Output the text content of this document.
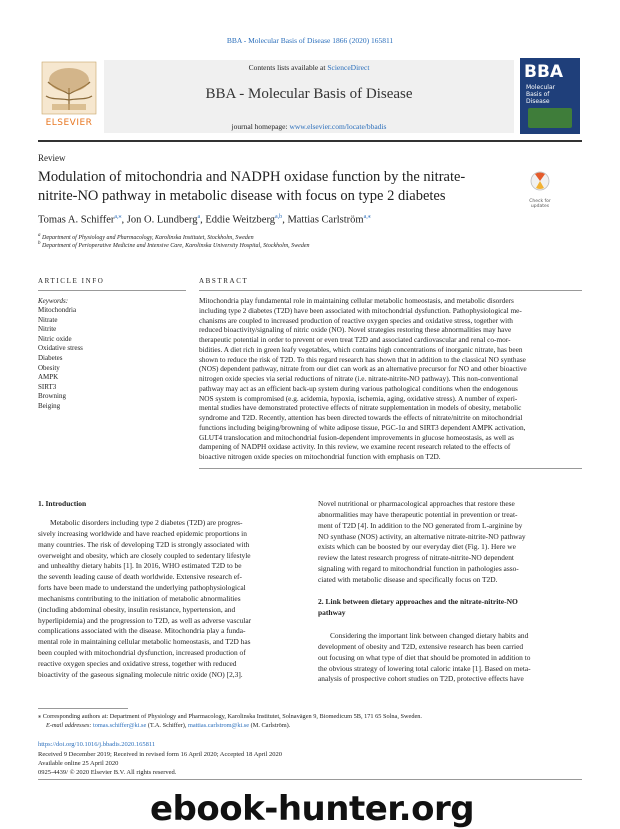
BBA - Molecular Basis of Disease 1866 (2020) 165811
ELSEVIER
Contents lists available at ScienceDirect
BBA - Molecular Basis of Disease
journal homepage: www.elsevier.com/locate/bbadis
BBA
Molecular
Basis of
Disease
Review
Modulation of mitochondria and NADPH oxidase function by the nitrate-
nitrite-NO pathway in metabolic disease with focus on type 2 diabetes	Check for
updates
Tomas A. Schiffer$^{a,⁎}$, Jon O. Lundberg$^a$, Eddie Weitzberg$^{a,b}$, Mattias Carlström$^{a,⁎}$
$^a$ Department of Physiology and Pharmacology, Karolinska Institutet, Stockholm, Sweden
$^b$ Department of Perioperative Medicine and Intensive Care, Karolinska University Hospital, Stockholm, Sweden
ARTICLE INFO	ABSTRACT
Keywords:
Mitochondria
Nitrate
Nitrite
Nitric oxide
Oxidative stress
Diabetes
Obesity
AMPK
SIRT3
Browning
Beiging
Mitochondria play fundamental role in maintaining cellular metabolic homeostasis, and metabolic disorders
including type 2 diabetes (T2D) have been associated with mitochondrial dysfunction. Pathophysiological me-
chanisms are coupled to increased production of reactive oxygen species and oxidative stress, together with
reduced bioactivity/signaling of nitric oxide (NO). Novel strategies restoring these abnormalities may have
therapeutic potential in order to prevent or even treat T2D and associated cardiovascular and renal co-mor-
bidities. A diet rich in green leafy vegetables, which contains high concentrations of inorganic nitrate, has been
shown to reduce the risk of T2D. To this regard research has shown that in addition to the classical NO synthase
(NOS) dependent pathway, nitrate from our diet can work as an alternative precursor for NO and other bioactive
nitrogen oxide species via serial reductions of nitrate (i.e. nitrate-nitrite-NO pathway). This non-conventional
pathway may act as an efficient back-up system during various pathological conditions when the endogenous
NOS system is compromised (e.g. acidemia, hypoxia, ischemia, aging, oxidative stress). A number of experi-
mental studies have demonstrated protective effects of nitrate supplementation in models of obesity, metabolic
syndrome and T2D. Recently, attention has been directed towards the effects of nitrate/nitrite on mitochondrial
functions including beiging/browning of white adipose tissue, PGC-1α and SIRT3 dependent AMPK activation,
GLUT4 translocation and mitochondrial fusion-dependent improvements in glucose homeostasis, as well as
dampening of NADPH oxidase activity. In this review, we examine recent research related to the effects of
bioactive nitrogen oxide species on mitochondrial function with emphasis on T2D.
1. Introduction
Metabolic disorders including type 2 diabetes (T2D) are progres-
sively increasing worldwide and have reached epidemic proportions in
many countries. The risk of developing T2D is strongly associated with
overweight and obesity, which are closely coupled to sedentary lifestyle
and unhealthy dietary habits [1]. In 2016, WHO estimated T2D to be
the seventh leading cause of death worldwide. Extensive research ef-
forts have been made to understand the underlying pathophysiological
mechanisms contributing to the initiation of metabolic abnormalities
(including abdominal obesity, insulin resistance, hypertension, and
hyperlipidemia) and the progression to T2D, as well as adverse vascular
complications associated with the disease. Mitochondria play a funda-
mental role in maintaining cellular metabolic homeostasis, and T2D has
been coupled with mitochondrial dysfunction, increased production of
reactive oxygen species and oxidative stress, together with reduced
bioactivity of the gaseous signaling molecule nitric oxide (NO) [2,3].
Novel nutritional or pharmacological approaches that restore these
abnormalities may have therapeutic potential in prevention or treat-
ment of T2D [4]. In addition to the NO generated from L-arginine by
NO synthase (NOS) activity, an alternative nitrate-nitrite-NO pathway
exists which can be boosted by our everyday diet (Fig. 1). Here we
review the latest research progress of nitrate-nitrite-NO dependent
signaling with regard to mitochondrial function in pathologies asso-
ciated with metabolic disease and specifically focus on T2D.
2. Link between dietary approaches and the nitrate-nitrite-NO
pathway
Considering the important link between changed dietary habits and
development of obesity and T2D, extensive research has been carried
out focusing on what type of diet that should be promoted in addition to
the obvious strategy of lowering total caloric intake [1]. Based on meta-
analysis of prospective cohort studies on T2D, protective effects have
⁎ Corresponding authors at: Department of Physiology and Pharmacology, Karolinska Institutet, Solnavägen 9, Biomedicum 5B, 171 65 Solna, Sweden.
E-mail addresses: tomas.schiffer@ki.se (T.A. Schiffer), mattias.carlstrom@ki.se (M. Carlström).
https://doi.org/10.1016/j.bbadis.2020.165811
Received 9 December 2019; Received in revised form 16 April 2020; Accepted 18 April 2020
Available online 25 April 2020
0925-4439/ © 2020 Elsevier B.V. All rights reserved.
ebook-hunter.org
